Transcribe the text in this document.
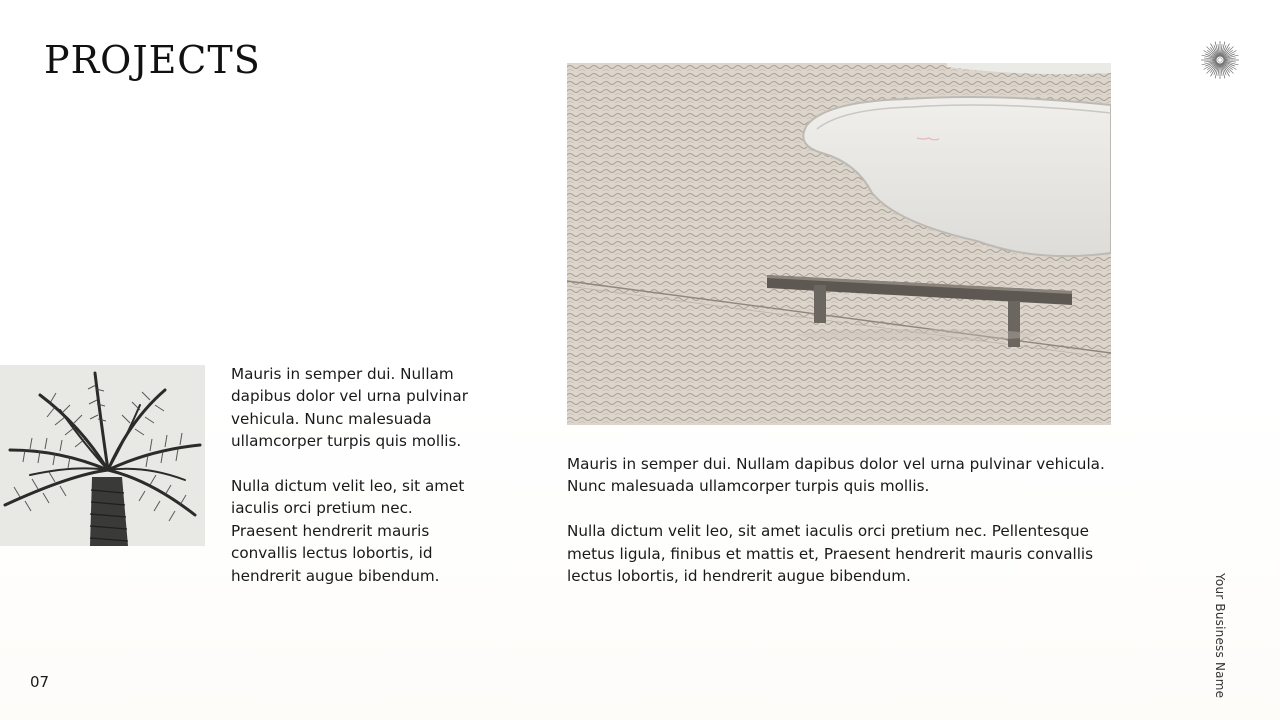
PROJECTS

Mauris in semper dui. Nullam dapibus dolor vel urna pulvinar vehicula. Nunc malesuada ullamcorper turpis quis mollis.

Nulla dictum velit leo, sit amet iaculis orci pretium nec. Praesent hendrerit mauris convallis lectus lobortis, id hendrerit augue bibendum.

Mauris in semper dui. Nullam dapibus dolor vel urna pulvinar vehicula. Nunc malesuada ullamcorper turpis quis mollis.

Nulla dictum velit leo, sit amet iaculis orci pretium nec. Pellentesque metus ligula, finibus et mattis et, Praesent hendrerit mauris convallis lectus lobortis, id hendrerit augue bibendum.

07	Your Business Name
